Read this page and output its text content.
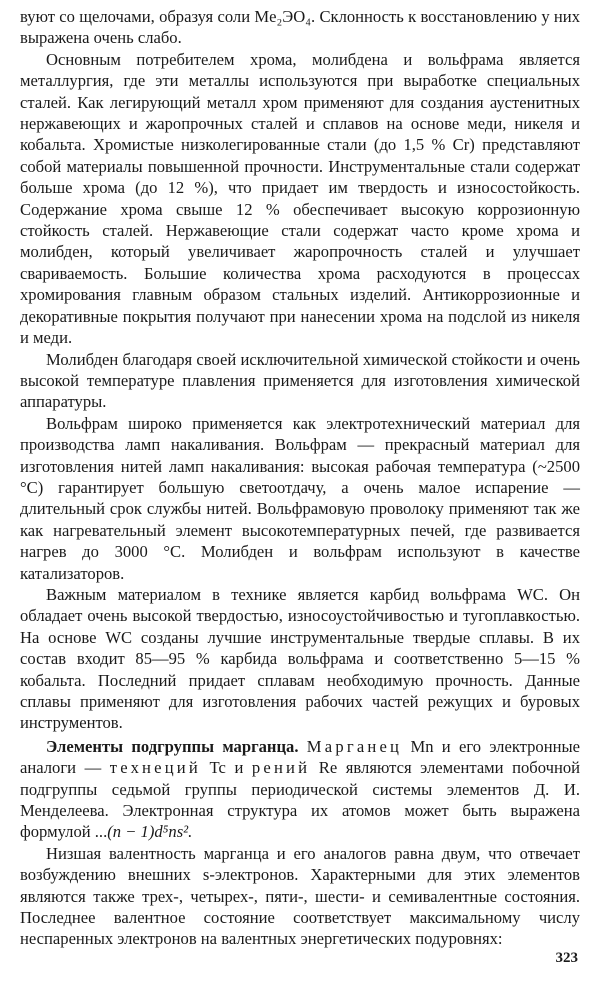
вуют со щелочами, образуя соли Me₂ЭO₄. Склонность к восстановлению у них выражена очень слабо.

Основным потребителем хрома, молибдена и вольфрама является металлургия, где эти металлы используются при выработке специальных сталей. Как легирующий металл хром применяют для создания аустенитных нержавеющих и жаропрочных сталей и сплавов на основе меди, никеля и кобальта. Хромистые низколегированные стали (до 1,5 % Cr) представляют собой материалы повышенной прочности. Инструментальные стали содержат больше хрома (до 12 %), что придает им твердость и износостойкость. Содержание хрома свыше 12 % обеспечивает высокую коррозионную стойкость сталей. Нержавеющие стали содержат часто кроме хрома и молибден, который увеличивает жаропрочность сталей и улучшает свариваемость. Большие количества хрома расходуются в процессах хромирования главным образом стальных изделий. Антикоррозионные и декоративные покрытия получают при нанесении хрома на подслой из никеля и меди.

Молибден благодаря своей исключительной химической стойкости и очень высокой температуре плавления применяется для изготовления химической аппаратуры.

Вольфрам широко применяется как электротехнический материал для производства ламп накаливания. Вольфрам — прекрасный материал для изготовления нитей ламп накаливания: высокая рабочая температура (~2500 °C) гарантирует большую светоотдачу, а очень малое испарение — длительный срок службы нитей. Вольфрамовую проволоку применяют так же как нагревательный элемент высокотемпературных печей, где развивается нагрев до 3000 °C. Молибден и вольфрам используют в качестве катализаторов.

Важным материалом в технике является карбид вольфрама WC. Он обладает очень высокой твердостью, износоустойчивостью и тугоплавкостью. На основе WC созданы лучшие инструментальные твердые сплавы. В их состав входит 85—95 % карбида вольфрама и соответственно 5—15 % кобальта. Последний придает сплавам необходимую прочность. Данные сплавы применяют для изготовления рабочих частей режущих и буровых инструментов.

Элементы подгруппы марганца. Марганец Mn и его электронные аналоги — технеций Tc и рений Re являются элементами побочной подгруппы седьмой группы периодической системы элементов Д. И. Менделеева. Электронная структура их атомов может быть выражена формулой ...(n − 1)d⁵ns².

Низшая валентность марганца и его аналогов равна двум, что отвечает возбуждению внешних s-электронов. Характерными для этих элементов являются также трех-, четырех-, пяти-, шести- и семивалентные состояния. Последнее валентное состояние соответствует максимальному числу неспаренных электронов на валентных энергетических подуровнях:

323
